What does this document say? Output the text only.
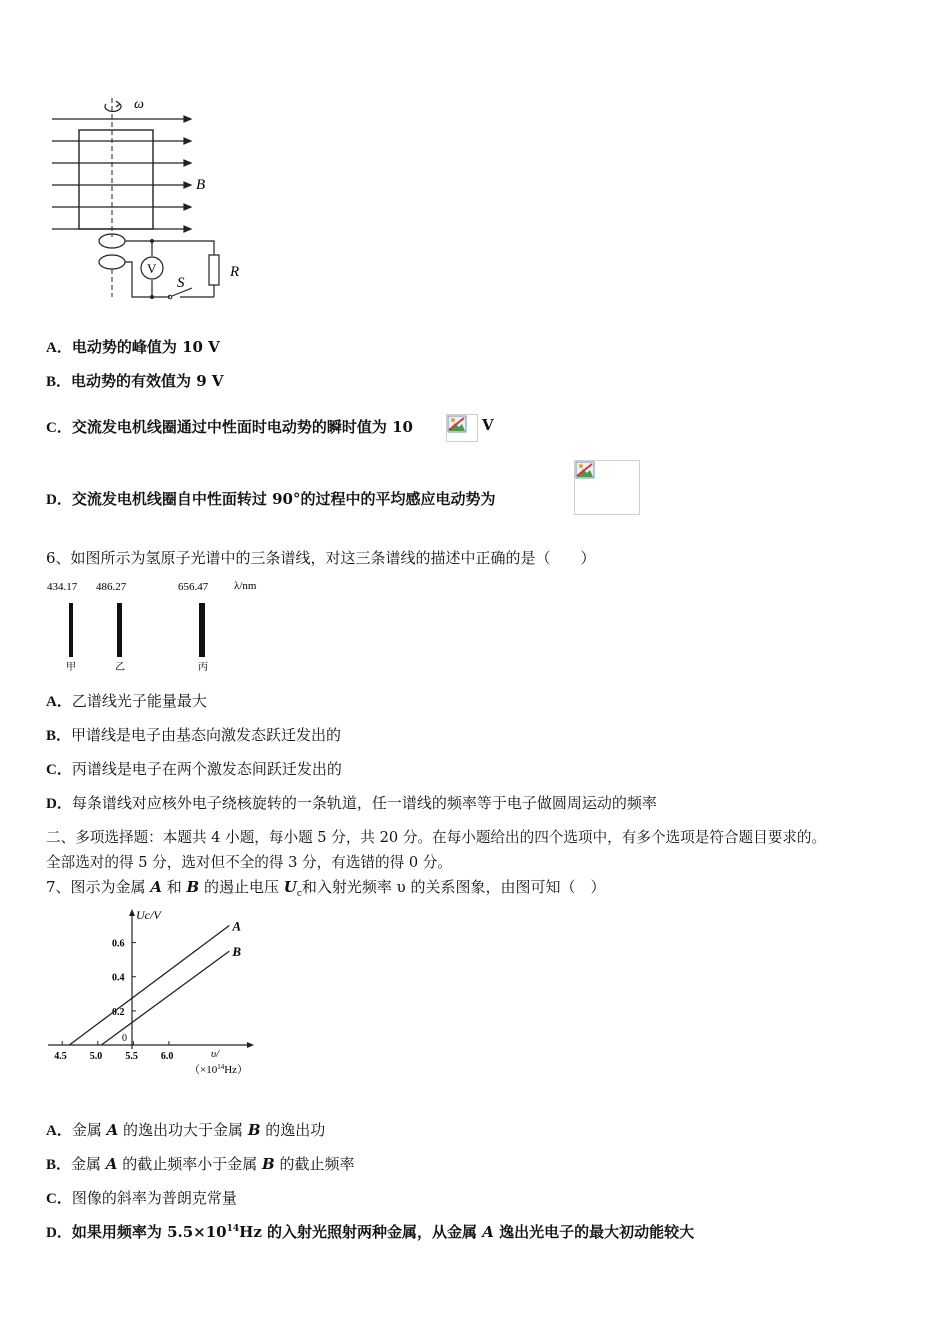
ω
B
V
S
R
A．电动势的峰值为 10 V
B．电动势的有效值为 9 V
C．交流发电机线圈通过中性面时电动势的瞬时值为 10
	V
D．交流发电机线圈自中性面转过 90°的过程中的平均感应电动势为
6、如图所示为氢原子光谱中的三条谱线，对这三条谱线的描述中正确的是（　　）
434.17 486.27	656.47 λ/nm
甲	乙	丙
A．乙谱线光子能量最大
B．甲谱线是电子由基态向激发态跃迁发出的
C．丙谱线是电子在两个激发态间跃迁发出的
D．每条谱线对应核外电子绕核旋转的一条轨道，任一谱线的频率等于电子做圆周运动的频率
二、多项选择题：本题共 4 小题，每小题 5 分，共 20 分。在每小题给出的四个选项中，有多个选项是符合题目要求的。
全部选对的得 5 分，选对但不全的得 3 分，有选错的得 0 分。
7、图示为金属 A 和 B 的遏止电压 $U_c$和入射光频率 υ 的关系图象，由图可知（　）
4.5 5.0 5.5 6.0
0.2
0.4
0.6
A
B
Uc/V
υ/
$(\times 10^{14}Hz)$
0
A．金属 A 的逸出功大于金属 B 的逸出功
B．金属 A 的截止频率小于金属 B 的截止频率
C．图像的斜率为普朗克常量
D．如果用频率为 $5.5\times 10^{14}Hz$ 的入射光照射两种金属，从金属 A 逸出光电子的最大初动能较大
